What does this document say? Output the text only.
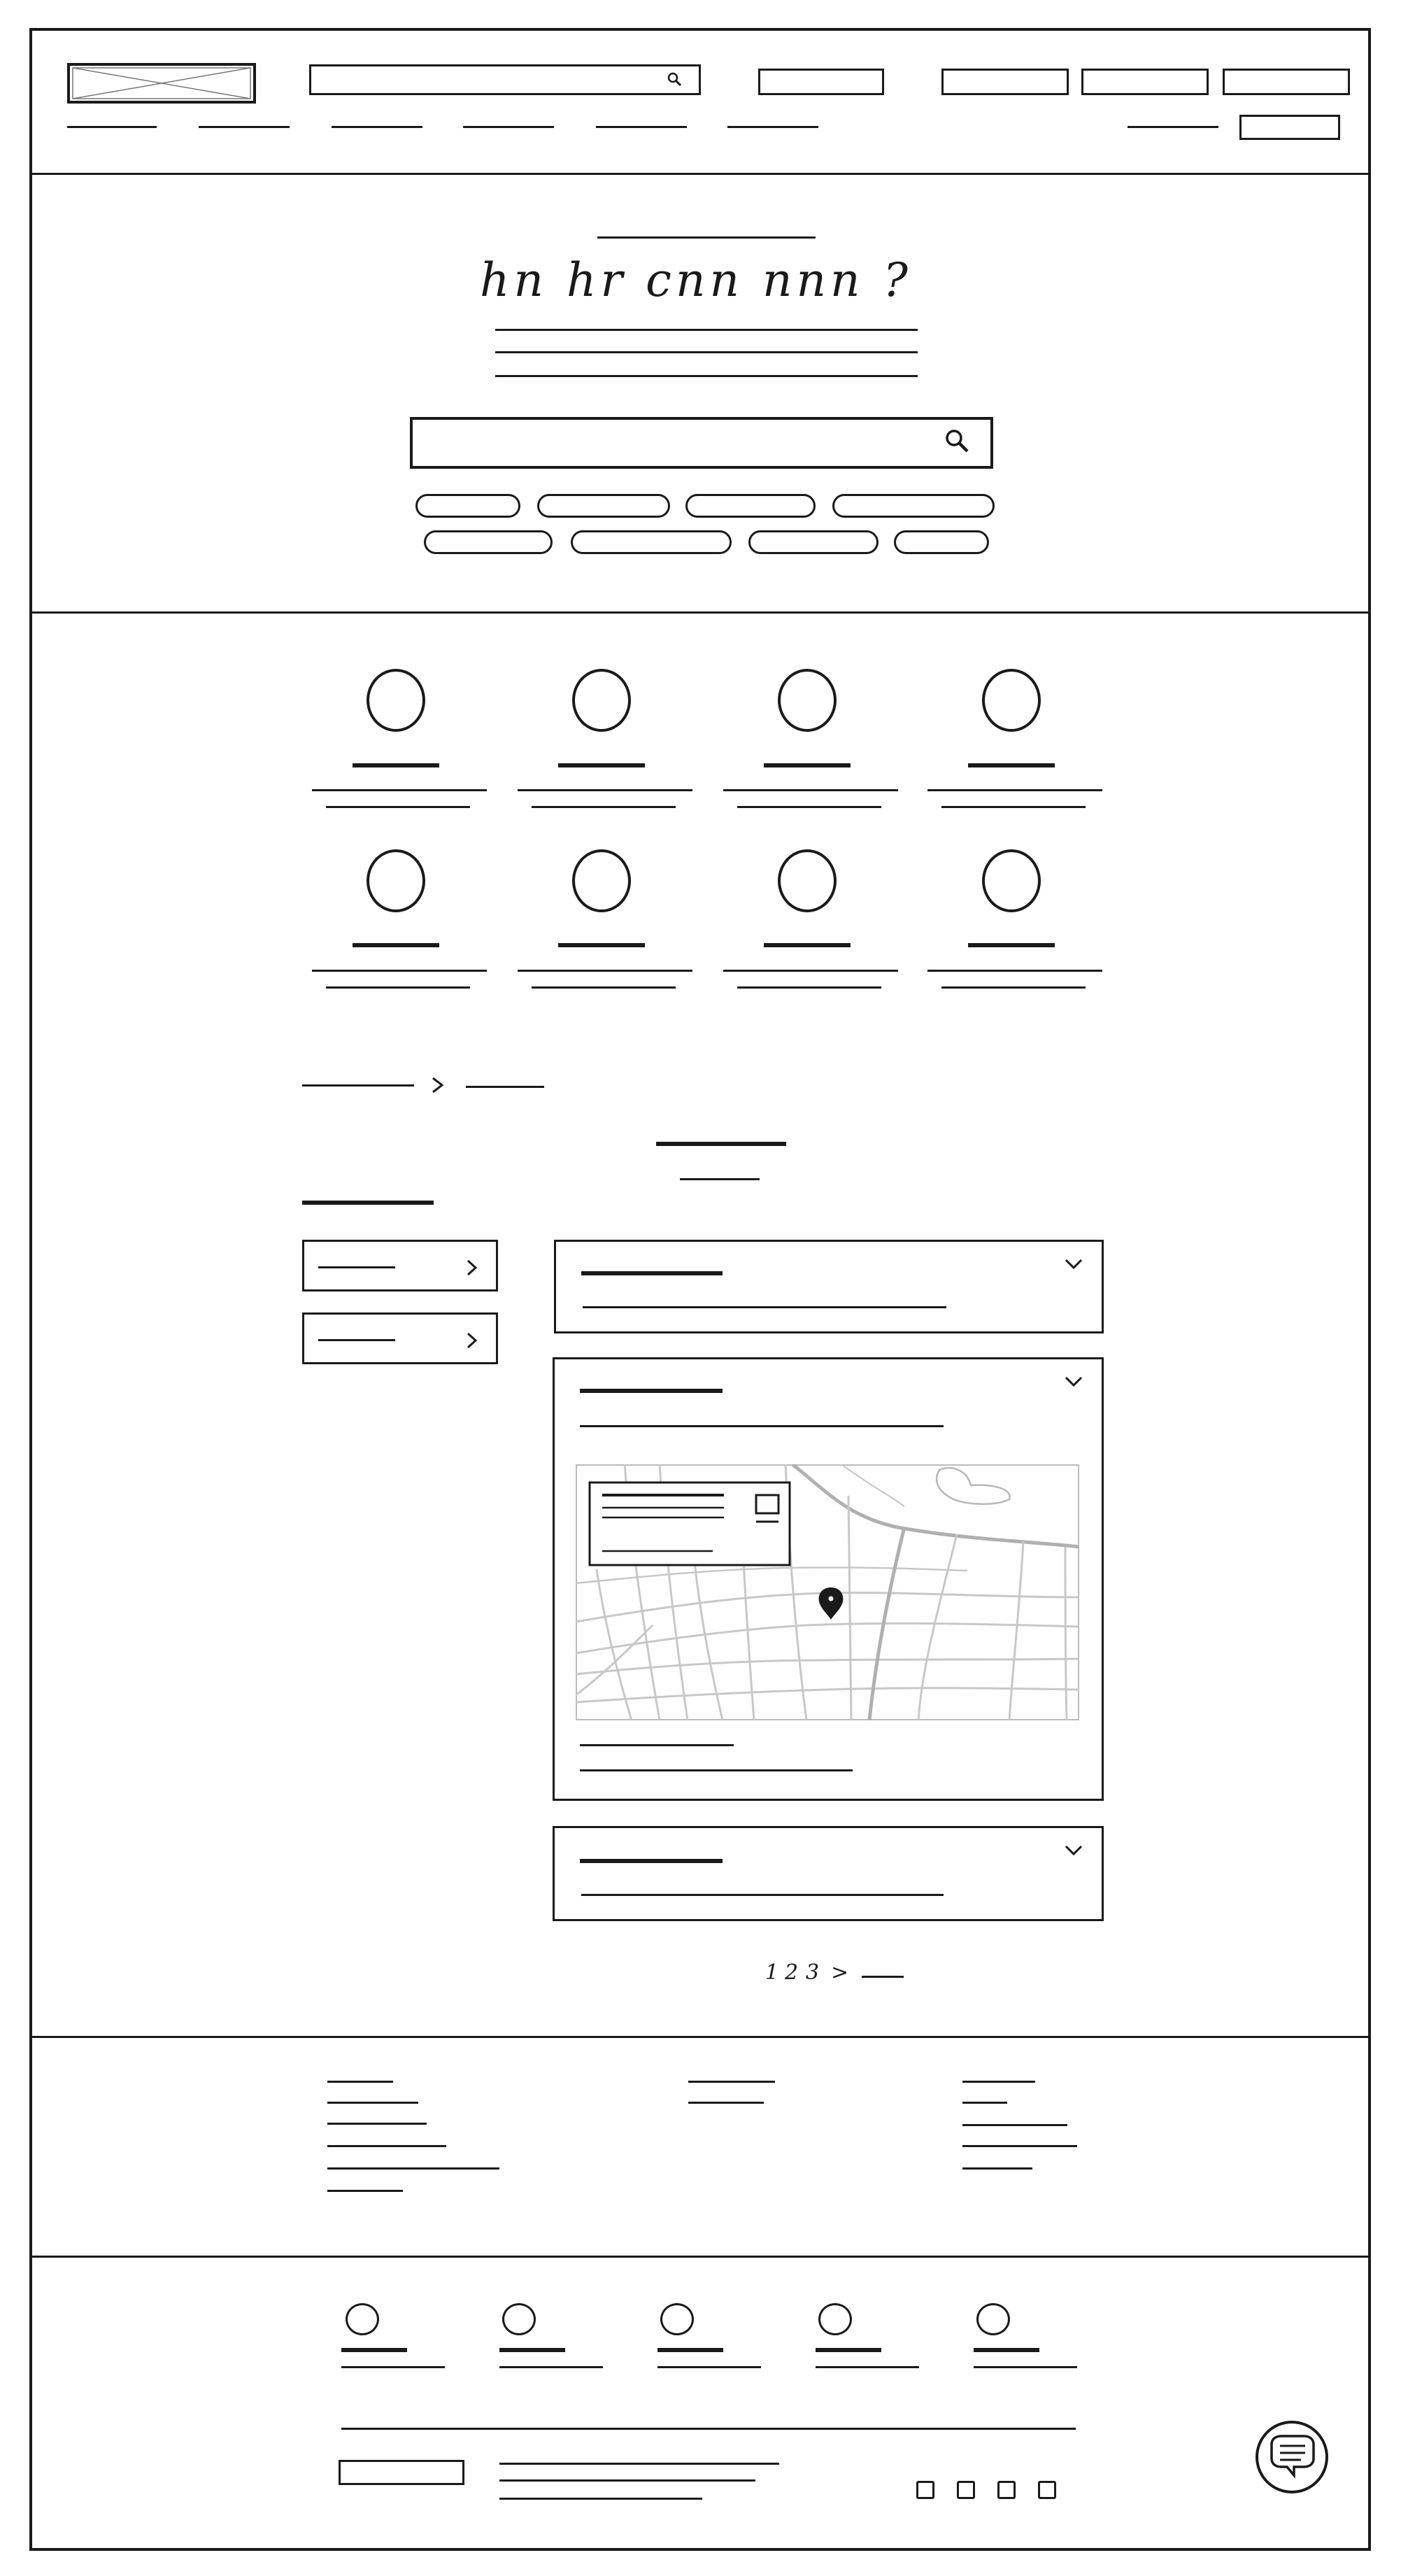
hn hr cnn nnn ?
1 2 3 >
